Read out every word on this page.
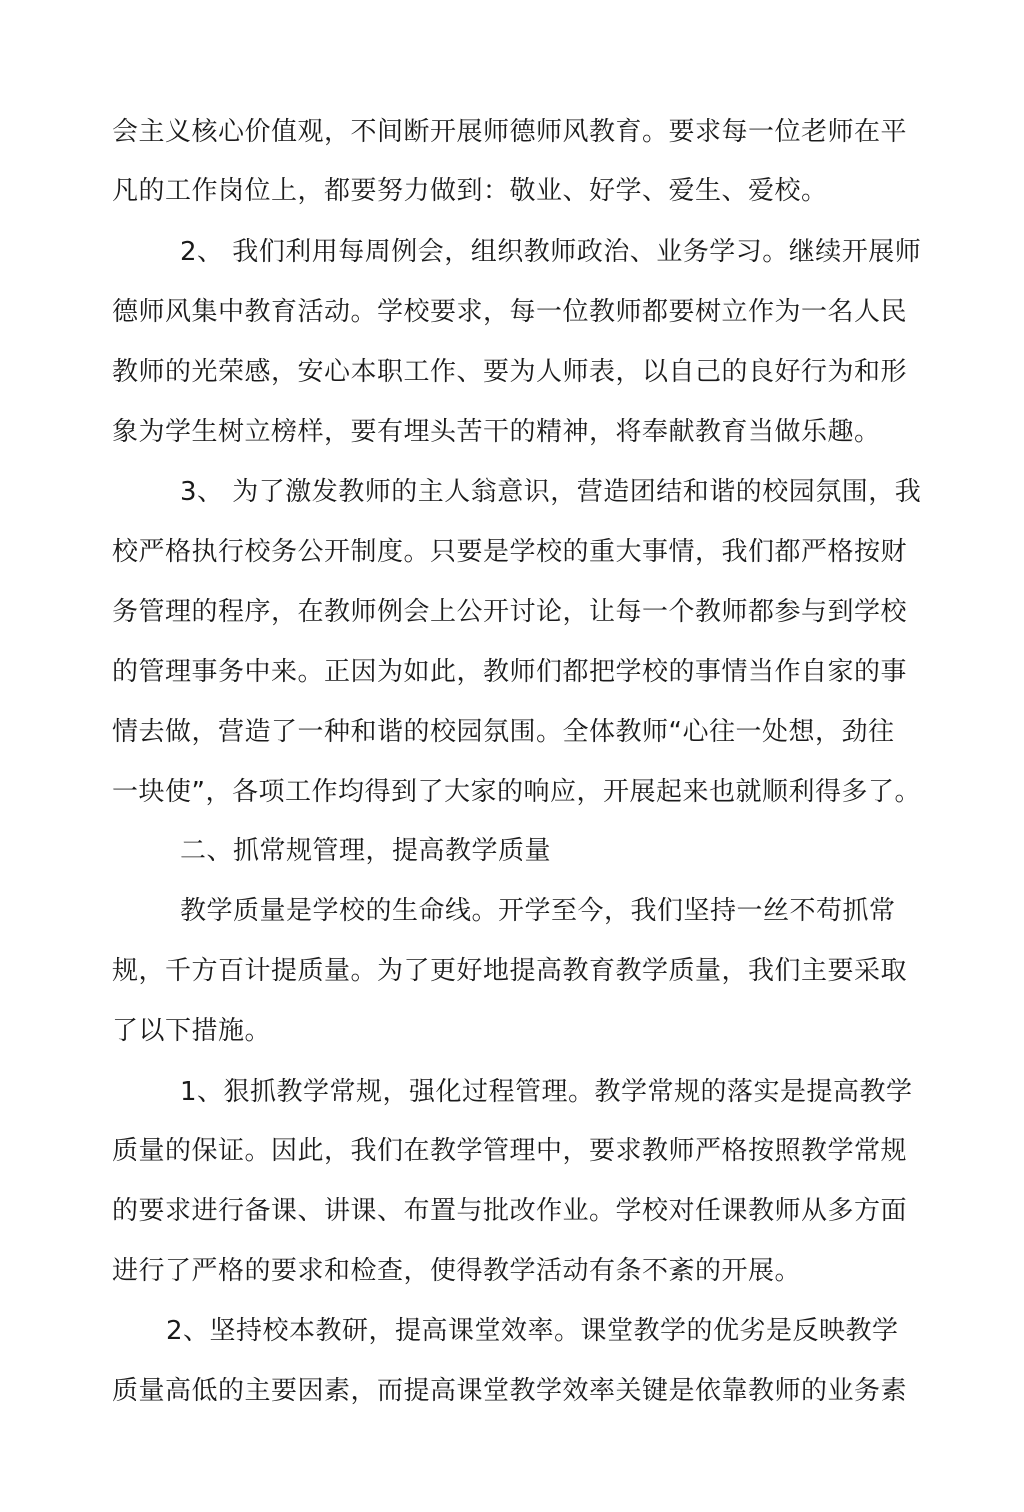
会主义核心价值观，不间断开展师德师风教育。要求每一位老师在平
凡的工作岗位上，都要努力做到：敬业、好学、爱生、爱校。
2、 我们利用每周例会，组织教师政治、业务学习。继续开展师
德师风集中教育活动。学校要求，每一位教师都要树立作为一名人民
教师的光荣感，安心本职工作、要为人师表，以自己的良好行为和形
象为学生树立榜样，要有埋头苦干的精神，将奉献教育当做乐趣。
3、 为了激发教师的主人翁意识，营造团结和谐的校园氛围，我
校严格执行校务公开制度。只要是学校的重大事情，我们都严格按财
务管理的程序，在教师例会上公开讨论，让每一个教师都参与到学校
的管理事务中来。正因为如此，教师们都把学校的事情当作自家的事
情去做，营造了一种和谐的校园氛围。全体教师“心往一处想，劲往
一块使”，各项工作均得到了大家的响应，开展起来也就顺利得多了。
二、抓常规管理，提高教学质量
教学质量是学校的生命线。开学至今，我们坚持一丝不苟抓常
规，千方百计提质量。为了更好地提高教育教学质量，我们主要采取
了以下措施。
1、狠抓教学常规，强化过程管理。教学常规的落实是提高教学
质量的保证。因此，我们在教学管理中，要求教师严格按照教学常规
的要求进行备课、讲课、布置与批改作业。学校对任课教师从多方面
进行了严格的要求和检查，使得教学活动有条不紊的开展。
2、坚持校本教研，提高课堂效率。课堂教学的优劣是反映教学
质量高低的主要因素，而提高课堂教学效率关键是依靠教师的业务素
